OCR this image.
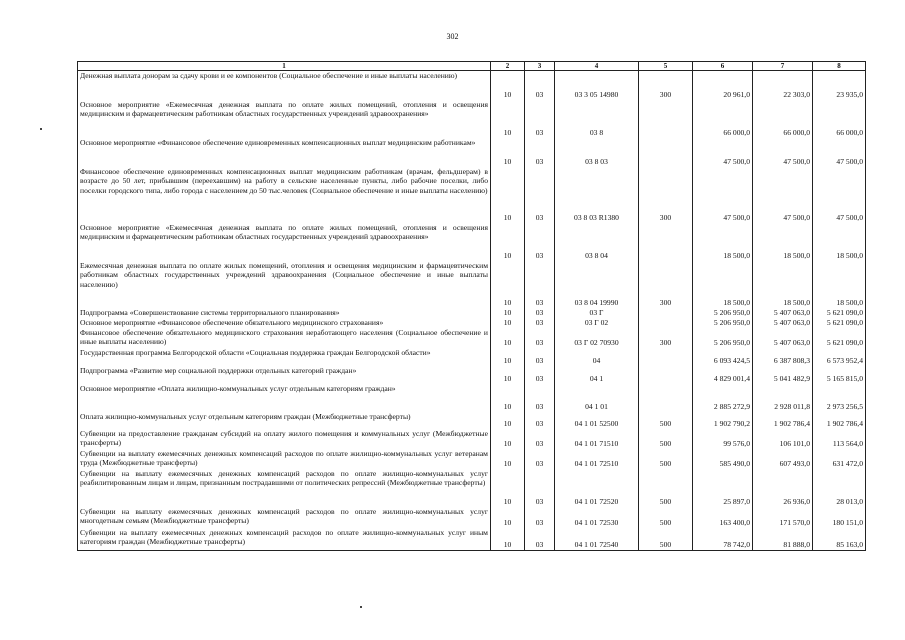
302
1	2	3	4	5	6	7	8
Денежная выплата донорам за сдачу крови и ее компонентов (Социальное обеспечение и иные выплаты населению)	10	03	03 3 05 14980	300	20 961,0	22 303,0	23 935,0
Основное мероприятие «Ежемесячная денежная выплата по оплате жилых помещений, отопления и освещения медицинским и фармацевтическим работникам областных государственных учреждений здравоохранения»	10	03	03 8		66 000,0	66 000,0	66 000,0
Основное мероприятие «Финансовое обеспечение единовременных компенсационных выплат медицинским работникам»	10	03	03 8 03		47 500,0	47 500,0	47 500,0
Финансовое обеспечение единовременных компенсационных выплат медицинским работникам (врачам, фельдшерам) в возрасте до 50 лет, прибывшим (переехавшим) на работу в сельские населенные пункты, либо рабочие поселки, либо поселки городского типа, либо города с населением до 50 тыс.человек (Социальное обеспечение и иные выплаты населению)	10	03	03 8 03 R1380	300	47 500,0	47 500,0	47 500,0
Основное мероприятие «Ежемесячная денежная выплата по оплате жилых помещений, отопления и освещения медицинским и фармацевтическим работникам областных государственных учреждений здравоохранения»	10	03	03 8 04		18 500,0	18 500,0	18 500,0
Ежемесячная денежная выплата по оплате жилых помещений, отопления и освещения медицинским и фармацевтическим работникам областных государственных учреждений здравоохранения (Социальное обеспечение и иные выплаты населению)	10	03	03 8 04 19990	300	18 500,0	18 500,0	18 500,0
Подпрограмма «Совершенствование системы территориального планирования»	10	03	03 Г		5 206 950,0	5 407 063,0	5 621 090,0
Основное мероприятие «Финансовое обеспечение обязательного медицинского страхования»	10	03	03 Г 02		5 206 950,0	5 407 063,0	5 621 090,0
Финансовое обеспечение обязательного медицинского страхования неработающего населения (Социальное обеспечение и иные выплаты населению)	10	03	03 Г 02 70930	300	5 206 950,0	5 407 063,0	5 621 090,0
Государственная программа Белгородской области «Социальная поддержка граждан Белгородской области»	10	03	04		6 093 424,5	6 387 808,3	6 573 952,4
Подпрограмма «Развитие мер социальной поддержки отдельных категорий граждан»	10	03	04 1		4 829 001,4	5 041 482,9	5 165 815,0
Основное мероприятие «Оплата жилищно-коммунальных услуг отдельным категориям граждан»	10	03	04 1 01		2 885 272,9	2 928 011,8	2 973 256,5
Оплата жилищно-коммунальных услуг отдельным категориям граждан (Межбюджетные трансферты)	10	03	04 1 01 52500	500	1 902 790,2	1 902 786,4	1 902 786,4
Субвенции на предоставление гражданам субсидий на оплату жилого помещения и коммунальных услуг (Межбюджетные трансферты)	10	03	04 1 01 71510	500	99 576,0	106 101,0	113 564,0
Субвенции на выплату ежемесячных денежных компенсаций расходов по оплате жилищно-коммунальных услуг ветеранам труда (Межбюджетные трансферты)	10	03	04 1 01 72510	500	585 490,0	607 493,0	631 472,0
Субвенции на выплату ежемесячных денежных компенсаций расходов по оплате жилищно-коммунальных услуг реабилитированным лицам и лицам, признанным пострадавшими от политических репрессий (Межбюджетные трансферты)	10	03	04 1 01 72520	500	25 897,0	26 936,0	28 013,0
Субвенции на выплату ежемесячных денежных компенсаций расходов по оплате жилищно-коммунальных услуг многодетным семьям (Межбюджетные трансферты)	10	03	04 1 01 72530	500	163 400,0	171 570,0	180 151,0
Субвенции на выплату ежемесячных денежных компенсаций расходов по оплате жилищно-коммунальных услуг иным категориям граждан (Межбюджетные трансферты)	10	03	04 1 01 72540	500	78 742,0	81 888,0	85 163,0
